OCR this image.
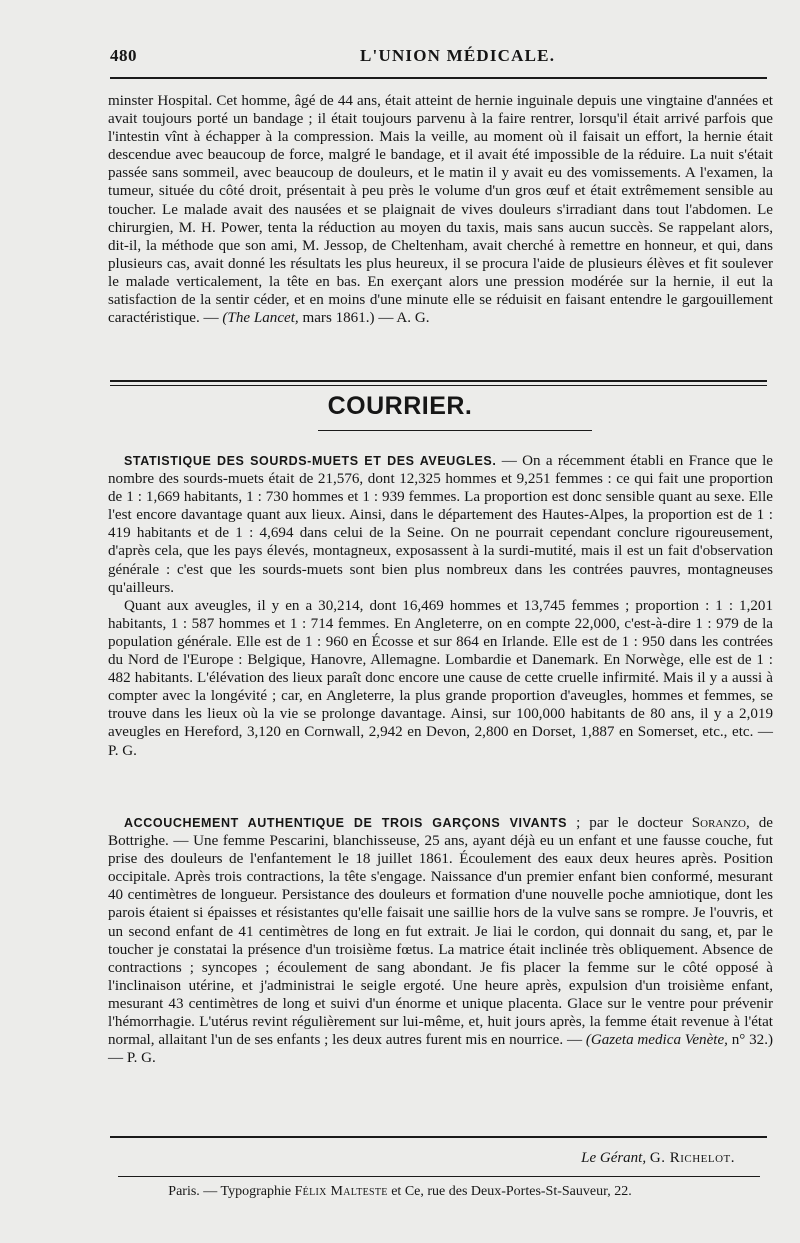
480	L'UNION MÉDICALE.

minster Hospital. Cet homme, âgé de 44 ans, était atteint de hernie inguinale depuis une vingtaine d'années et avait toujours porté un bandage ; il était toujours parvenu à la faire rentrer, lorsqu'il était arrivé parfois que l'intestin vînt à échapper à la compression. Mais la veille, au moment où il faisait un effort, la hernie était descendue avec beaucoup de force, malgré le bandage, et il avait été impossible de la réduire. La nuit s'était passée sans sommeil, avec beaucoup de douleurs, et le matin il y avait eu des vomissements. A l'examen, la tumeur, située du côté droit, présentait à peu près le volume d'un gros œuf et était extrêmement sensible au toucher. Le malade avait des nausées et se plaignait de vives douleurs s'irradiant dans tout l'abdomen. Le chirurgien, M. H. Power, tenta la réduction au moyen du taxis, mais sans aucun succès. Se rappelant alors, dit-il, la méthode que son ami, M. Jessop, de Cheltenham, avait cherché à remettre en honneur, et qui, dans plusieurs cas, avait donné les résultats les plus heureux, il se procura l'aide de plusieurs élèves et fit soulever le malade verticalement, la tête en bas. En exerçant alors une pression modérée sur la hernie, il eut la satisfaction de la sentir céder, et en moins d'une minute elle se réduisit en faisant entendre le gargouillement caractéristique. — (The Lancet, mars 1861.) — A. G.

COURRIER.

STATISTIQUE DES SOURDS-MUETS ET DES AVEUGLES. — On a récemment établi en France que le nombre des sourds-muets était de 21,576, dont 12,325 hommes et 9,251 femmes : ce qui fait une proportion de 1 : 1,669 habitants, 1 : 730 hommes et 1 : 939 femmes. La proportion est donc sensible quant au sexe. Elle l'est encore davantage quant aux lieux. Ainsi, dans le département des Hautes-Alpes, la proportion est de 1 : 419 habitants et de 1 : 4,694 dans celui de la Seine. On ne pourrait cependant conclure rigoureusement, d'après cela, que les pays élevés, montagneux, exposassent à la surdi-mutité, mais il est un fait d'observation générale : c'est que les sourds-muets sont bien plus nombreux dans les contrées pauvres, montagneuses qu'ailleurs.

Quant aux aveugles, il y en a 30,214, dont 16,469 hommes et 13,745 femmes ; proportion : 1 : 1,201 habitants, 1 : 587 hommes et 1 : 714 femmes. En Angleterre, on en compte 22,000, c'est-à-dire 1 : 979 de la population générale. Elle est de 1 : 960 en Écosse et sur 864 en Irlande. Elle est de 1 : 950 dans les contrées du Nord de l'Europe : Belgique, Hanovre, Allemagne. Lombardie et Danemark. En Norwège, elle est de 1 : 482 habitants. L'élévation des lieux paraît donc encore une cause de cette cruelle infirmité. Mais il y a aussi à compter avec la longévité ; car, en Angleterre, la plus grande proportion d'aveugles, hommes et femmes, se trouve dans les lieux où la vie se prolonge davantage. Ainsi, sur 100,000 habitants de 80 ans, il y a 2,019 aveugles en Hereford, 3,120 en Cornwall, 2,942 en Devon, 2,800 en Dorset, 1,887 en Somerset, etc., etc. — P. G.

ACCOUCHEMENT AUTHENTIQUE DE TROIS GARÇONS VIVANTS ; par le docteur Soranzo, de Bottrighe. — Une femme Pescarini, blanchisseuse, 25 ans, ayant déjà eu un enfant et une fausse couche, fut prise des douleurs de l'enfantement le 18 juillet 1861. Écoulement des eaux deux heures après. Position occipitale. Après trois contractions, la tête s'engage. Naissance d'un premier enfant bien conformé, mesurant 40 centimètres de longueur. Persistance des douleurs et formation d'une nouvelle poche amniotique, dont les parois étaient si épaisses et résistantes qu'elle faisait une saillie hors de la vulve sans se rompre. Je l'ouvris, et un second enfant de 41 centimètres de long en fut extrait. Je liai le cordon, qui donnait du sang, et, par le toucher je constatai la présence d'un troisième fœtus. La matrice était inclinée très obliquement. Absence de contractions ; syncopes ; écoulement de sang abondant. Je fis placer la femme sur le côté opposé à l'inclinaison utérine, et j'administrai le seigle ergoté. Une heure après, expulsion d'un troisième enfant, mesurant 43 centimètres de long et suivi d'un énorme et unique placenta. Glace sur le ventre pour prévenir l'hémorrhagie. L'utérus revint régulièrement sur lui-même, et, huit jours après, la femme était revenue à l'état normal, allaitant l'un de ses enfants ; les deux autres furent mis en nourrice. — (Gazeta medica Venète, n° 32.) — P. G.

Le Gérant, G. Richelot.
Paris. — Typographie Félix Malteste et Ce, rue des Deux-Portes-St-Sauveur, 22.
